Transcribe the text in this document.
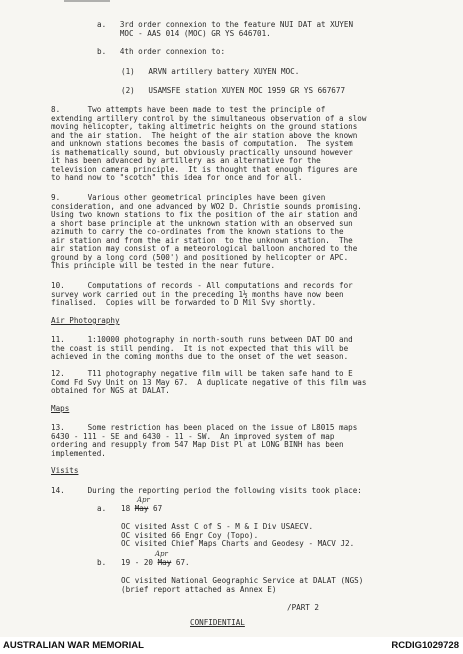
a.   3rd order connexion to the feature NUI DAT at XUYEN
MOC - AAS 014 (MOC) GR YS 646701.
b.   4th order connexion to:
(1)   ARVN artillery battery XUYEN MOC.
(2)   USAMSFE station XUYEN MOC 1959 GR YS 667677
8.      Two attempts have been made to test the principle of
extending artillery control by the simultaneous observation of a slow
moving helicopter, taking altimetric heights on the ground stations
and the air station.  The height of the air station above the known
and unknown stations becomes the basis of computation.  The system
is mathematically sound, but obviously practically unsound however
it has been advanced by artillery as an alternative for the
television camera principle.  It is thought that enough figures are
to hand now to "scotch" this idea for once and for all.
9.      Various other geometrical principles have been given
consideration, and one advanced by WO2 D. Christie sounds promising.
Using two known stations to fix the position of the air station and
a short base principle at the unknown station with an observed sun
azimuth to carry the co-ordinates from the known stations to the
air station and from the air station  to the unknown station.  The
air station may consist of a meteorological balloon anchored to the
ground by a long cord (500') and positioned by helicopter or APC.
This principle will be tested in the near future.
10.     Computations of records - All computations and records for
survey work carried out in the preceding 1½ months have now been
finalised.  Copies will be forwarded to D Mil Svy shortly.
Air Photography
11.     1:10000 photography in north-south runs between DAT DO and
the coast is still pending.  It is not expected that this will be
achieved in the coming months due to the onset of the wet season.
12.     T11 photography negative film will be taken safe hand to E
Comd Fd Svy Unit on 13 May 67.  A duplicate negative of this film was
obtained for NGS at DALAT.
Maps
13.     Some restriction has been placed on the issue of L8015 maps
6430 - 111 - SE and 6430 - 11 - SW.  An improved system of map
ordering and resupply from 547 Map Dist Pl at LONG BINH has been
implemented.
Visits
14.     During the reporting period the following visits took place:
a. 18 May 67
Apr
OC visited Asst C of S - M & I Div USAECV.
OC visited 66 Engr Coy (Topo).
OC visited Chief Maps Charts and Geodesy - MACV J2.
b. 19 - 20 May 67.
Apr
OC visited National Geographic Service at DALAT (NGS)
(brief report attached as Annex E)
/PART 2
CONFIDENTIAL
AUSTRALIAN WAR MEMORIAL	RCDIG1029728
